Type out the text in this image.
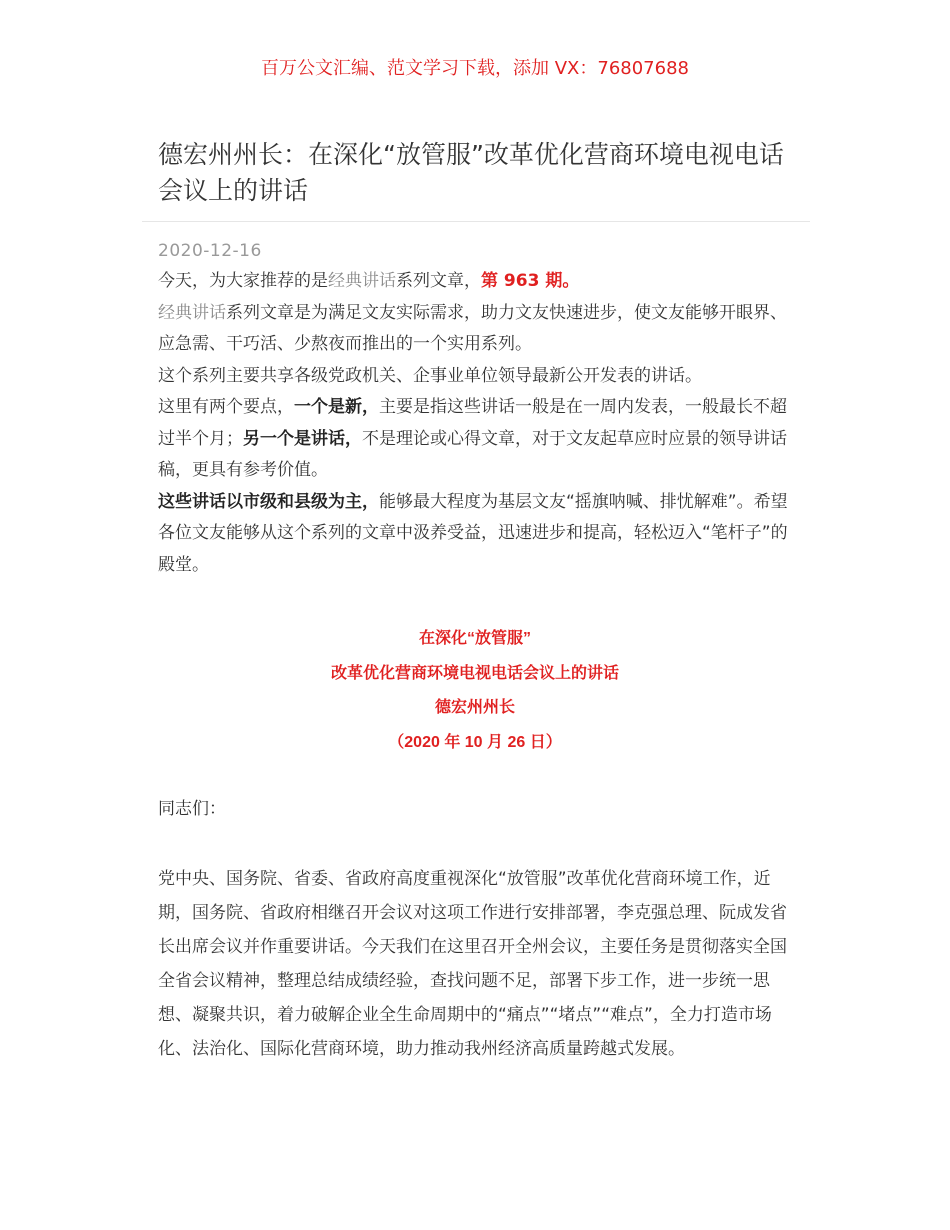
百万公文汇编、范文学习下载，添加 VX：76807688
德宏州州长：在深化“放管服”改革优化营商环境电视电话会议上的讲话
2020-12-16

今天，为大家推荐的是经典讲话系列文章，第 963 期。

经典讲话系列文章是为满足文友实际需求，助力文友快速进步，使文友能够开眼界、应急需、干巧活、少熬夜而推出的一个实用系列。

这个系列主要共享各级党政机关、企事业单位领导最新公开发表的讲话。

这里有两个要点，一个是新，主要是指这些讲话一般是在一周内发表，一般最长不超过半个月；另一个是讲话，不是理论或心得文章，对于文友起草应时应景的领导讲话稿，更具有参考价值。

这些讲话以市级和县级为主，能够最大程度为基层文友“摇旗呐喊、排忧解难”。希望各位文友能够从这个系列的文章中汲养受益，迅速进步和提高，轻松迈入“笔杆子”的殿堂。

在深化“放管服”
改革优化营商环境电视电话会议上的讲话
德宏州州长
（2020 年 10 月 26 日）
同志们：

党中央、国务院、省委、省政府高度重视深化“放管服”改革优化营商环境工作，近期，国务院、省政府相继召开会议对这项工作进行安排部署，李克强总理、阮成发省长出席会议并作重要讲话。今天我们在这里召开全州会议，主要任务是贯彻落实全国全省会议精神，整理总结成绩经验，查找问题不足，部署下步工作，进一步统一思想、凝聚共识，着力破解企业全生命周期中的“痛点”“堵点”“难点”，全力打造市场化、法治化、国际化营商环境，助力推动我州经济高质量跨越式发展。
